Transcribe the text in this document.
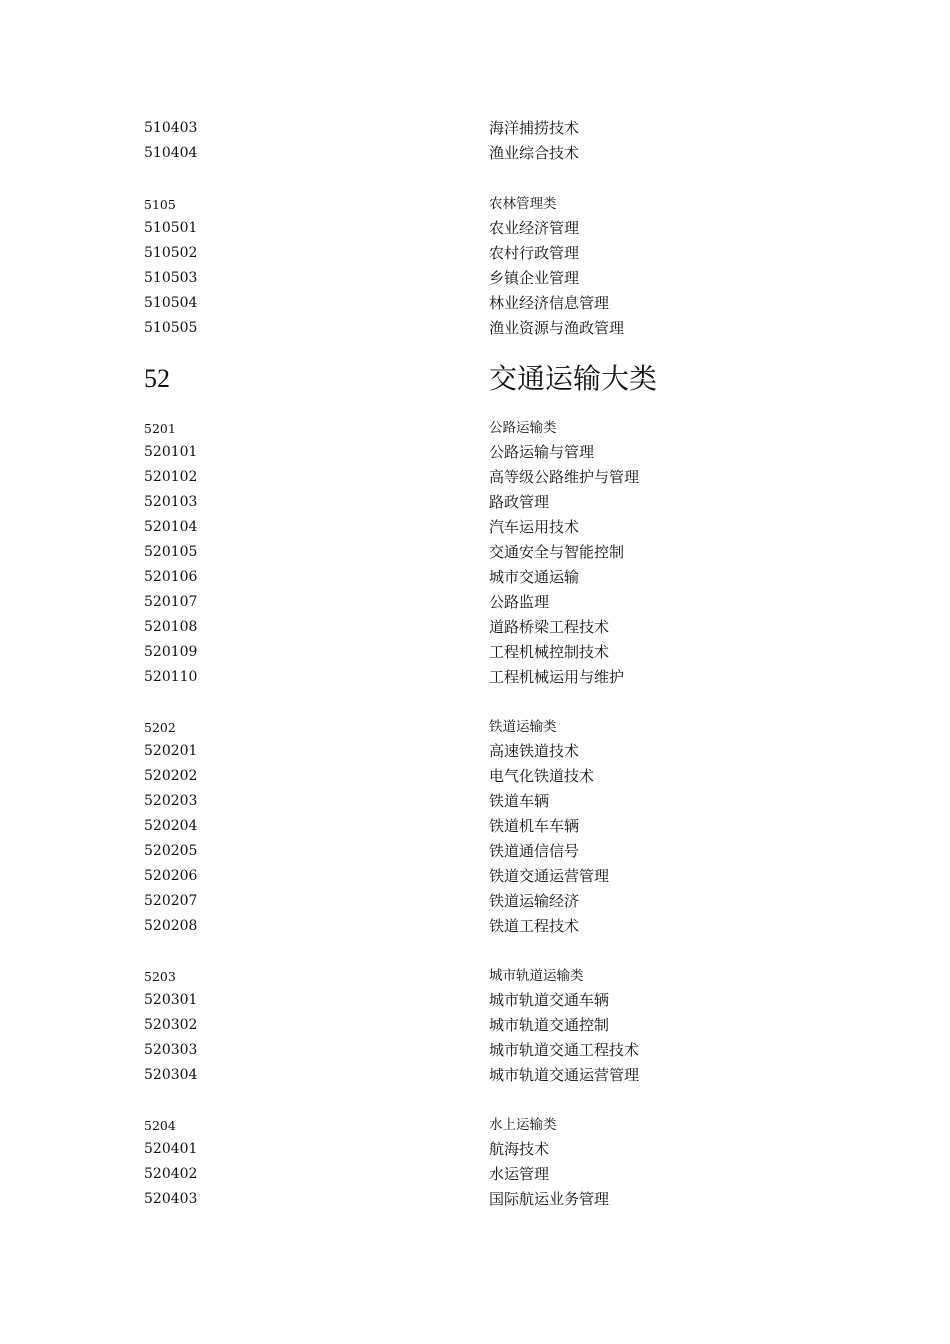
510403	海洋捕捞技术
510404	渔业综合技术
5105	农林管理类
510501	农业经济管理
510502	农村行政管理
510503	乡镇企业管理
510504	林业经济信息管理
510505	渔业资源与渔政管理
52	交通运输大类
5201	公路运输类
520101	公路运输与管理
520102	高等级公路维护与管理
520103	路政管理
520104	汽车运用技术
520105	交通安全与智能控制
520106	城市交通运输
520107	公路监理
520108	道路桥梁工程技术
520109	工程机械控制技术
520110	工程机械运用与维护
5202	铁道运输类
520201	高速铁道技术
520202	电气化铁道技术
520203	铁道车辆
520204	铁道机车车辆
520205	铁道通信信号
520206	铁道交通运营管理
520207	铁道运输经济
520208	铁道工程技术
5203	城市轨道运输类
520301	城市轨道交通车辆
520302	城市轨道交通控制
520303	城市轨道交通工程技术
520304	城市轨道交通运营管理
5204	水上运输类
520401	航海技术
520402	水运管理
520403	国际航运业务管理
